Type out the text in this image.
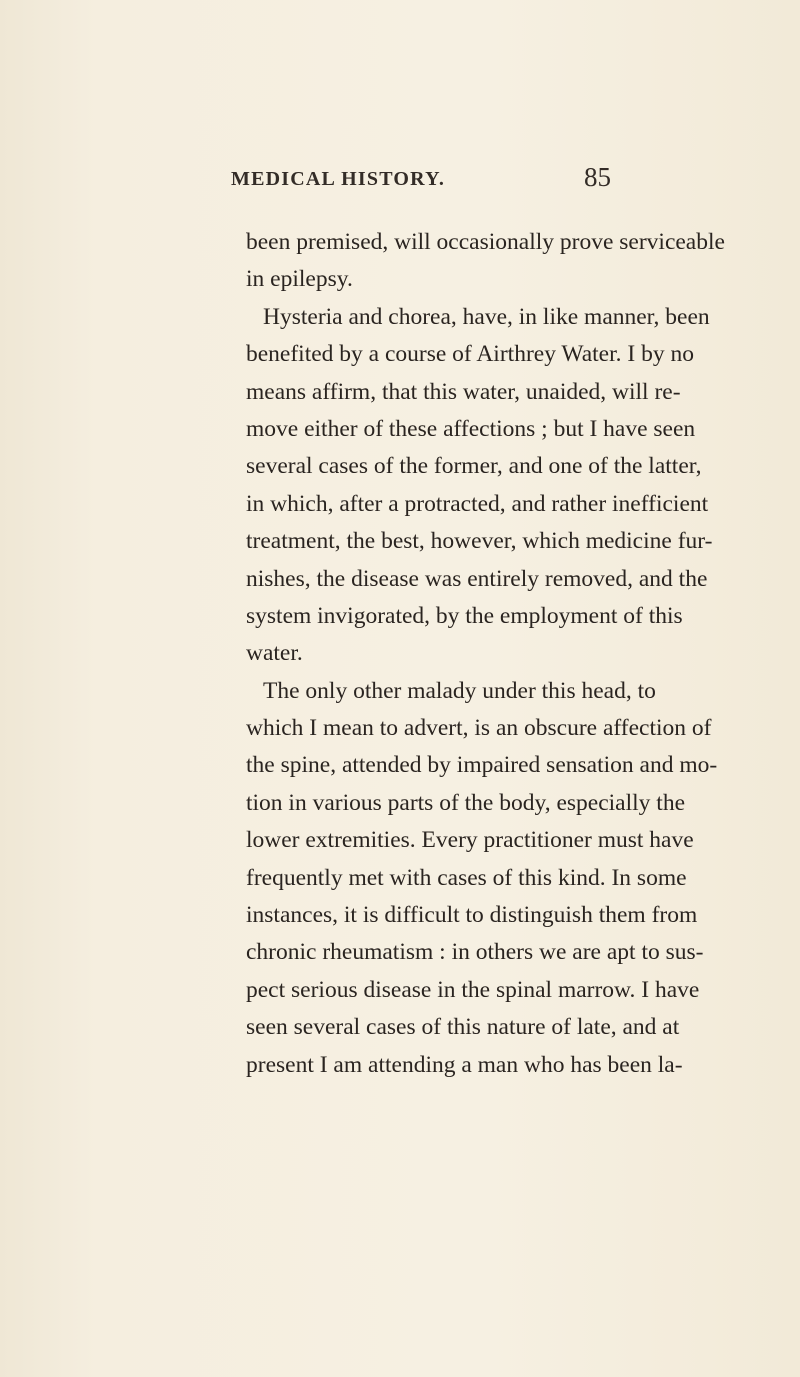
MEDICAL HISTORY.	85
been premised, will occasionally prove serviceable
in epilepsy.
Hysteria and chorea, have, in like manner, been
benefited by a course of Airthrey Water. I by no
means affirm, that this water, unaided, will re-
move either of these affections ; but I have seen
several cases of the former, and one of the latter,
in which, after a protracted, and rather inefficient
treatment, the best, however, which medicine fur-
nishes, the disease was entirely removed, and the
system invigorated, by the employment of this
water.
The only other malady under this head, to
which I mean to advert, is an obscure affection of
the spine, attended by impaired sensation and mo-
tion in various parts of the body, especially the
lower extremities. Every practitioner must have
frequently met with cases of this kind. In some
instances, it is difficult to distinguish them from
chronic rheumatism : in others we are apt to sus-
pect serious disease in the spinal marrow. I have
seen several cases of this nature of late, and at
present I am attending a man who has been la-
